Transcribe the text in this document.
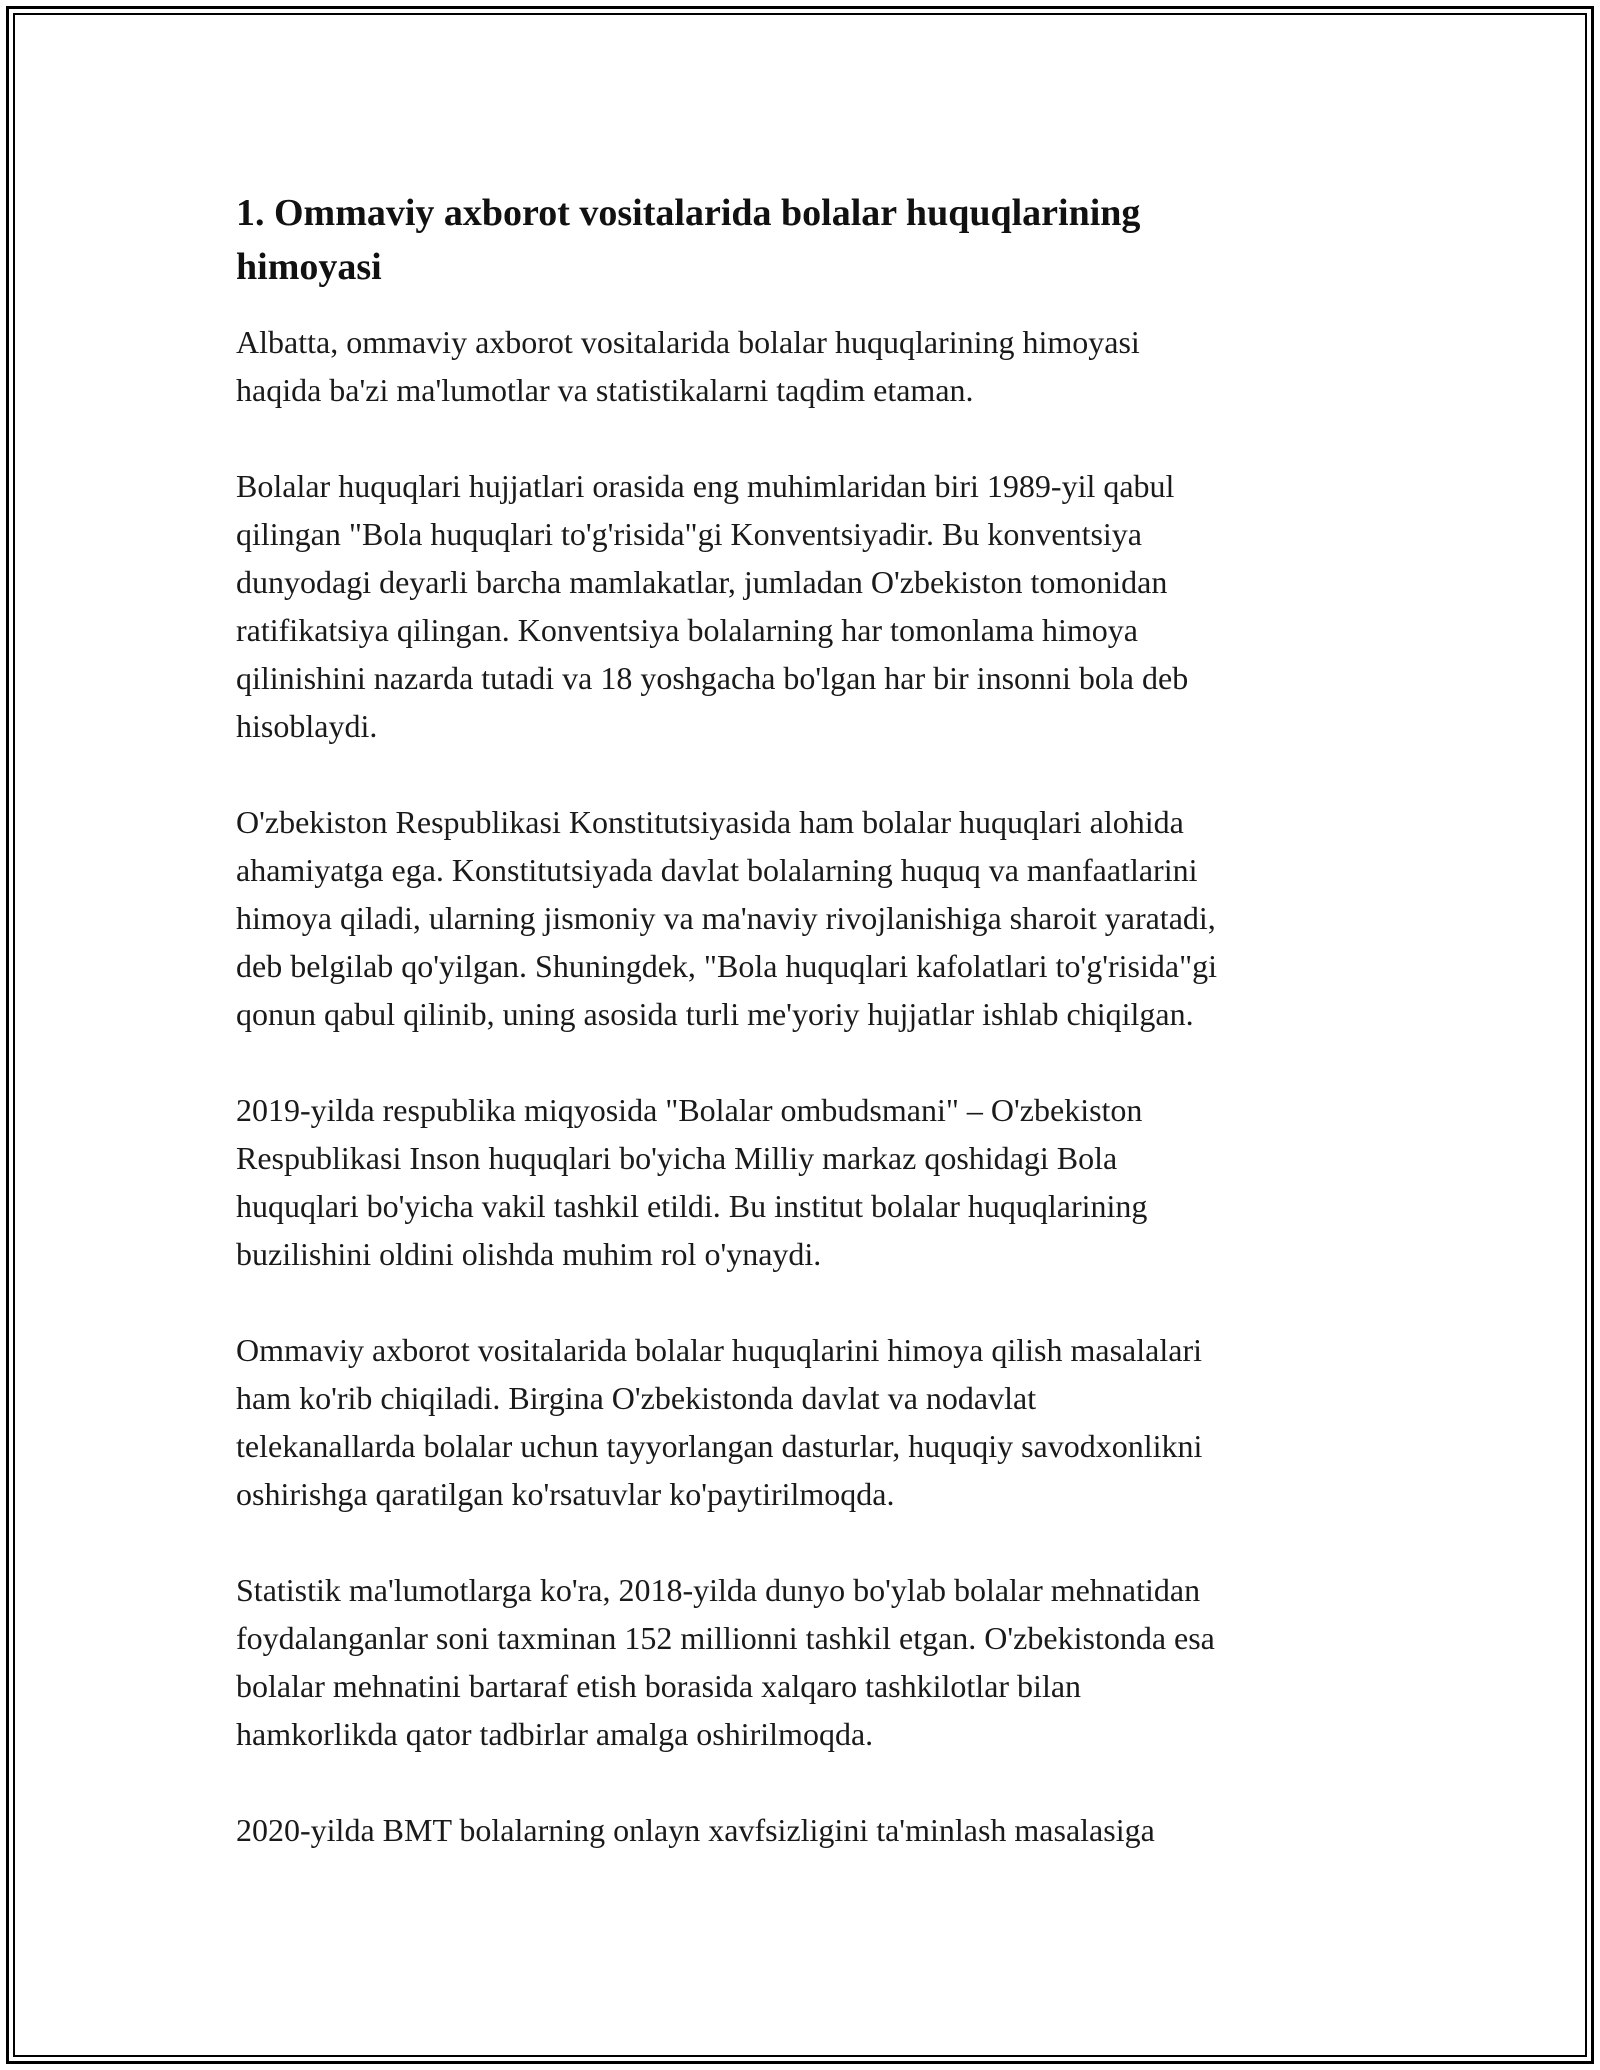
1. Ommaviy axborot vositalarida bolalar huquqlarining
himoyasi

Albatta, ommaviy axborot vositalarida bolalar huquqlarining himoyasi
haqida ba'zi ma'lumotlar va statistikalarni taqdim etaman.

Bolalar huquqlari hujjatlari orasida eng muhimlaridan biri 1989-yil qabul
qilingan "Bola huquqlari to'g'risida"gi Konventsiyadir. Bu konventsiya
dunyodagi deyarli barcha mamlakatlar, jumladan O'zbekiston tomonidan
ratifikatsiya qilingan. Konventsiya bolalarning har tomonlama himoya
qilinishini nazarda tutadi va 18 yoshgacha bo'lgan har bir insonni bola deb
hisoblaydi.

O'zbekiston Respublikasi Konstitutsiyasida ham bolalar huquqlari alohida
ahamiyatga ega. Konstitutsiyada davlat bolalarning huquq va manfaatlarini
himoya qiladi, ularning jismoniy va ma'naviy rivojlanishiga sharoit yaratadi,
deb belgilab qo'yilgan. Shuningdek, "Bola huquqlari kafolatlari to'g'risida"gi
qonun qabul qilinib, uning asosida turli me'yoriy hujjatlar ishlab chiqilgan.

2019-yilda respublika miqyosida "Bolalar ombudsmani" – O'zbekiston
Respublikasi Inson huquqlari bo'yicha Milliy markaz qoshidagi Bola
huquqlari bo'yicha vakil tashkil etildi. Bu institut bolalar huquqlarining
buzilishini oldini olishda muhim rol o'ynaydi.

Ommaviy axborot vositalarida bolalar huquqlarini himoya qilish masalalari
ham ko'rib chiqiladi. Birgina O'zbekistonda davlat va nodavlat
telekanallarda bolalar uchun tayyorlangan dasturlar, huquqiy savodxonlikni
oshirishga qaratilgan ko'rsatuvlar ko'paytirilmoqda.

Statistik ma'lumotlarga ko'ra, 2018-yilda dunyo bo'ylab bolalar mehnatidan
foydalanganlar soni taxminan 152 millionni tashkil etgan. O'zbekistonda esa
bolalar mehnatini bartaraf etish borasida xalqaro tashkilotlar bilan
hamkorlikda qator tadbirlar amalga oshirilmoqda.

2020-yilda BMT bolalarning onlayn xavfsizligini ta'minlash masalasiga
